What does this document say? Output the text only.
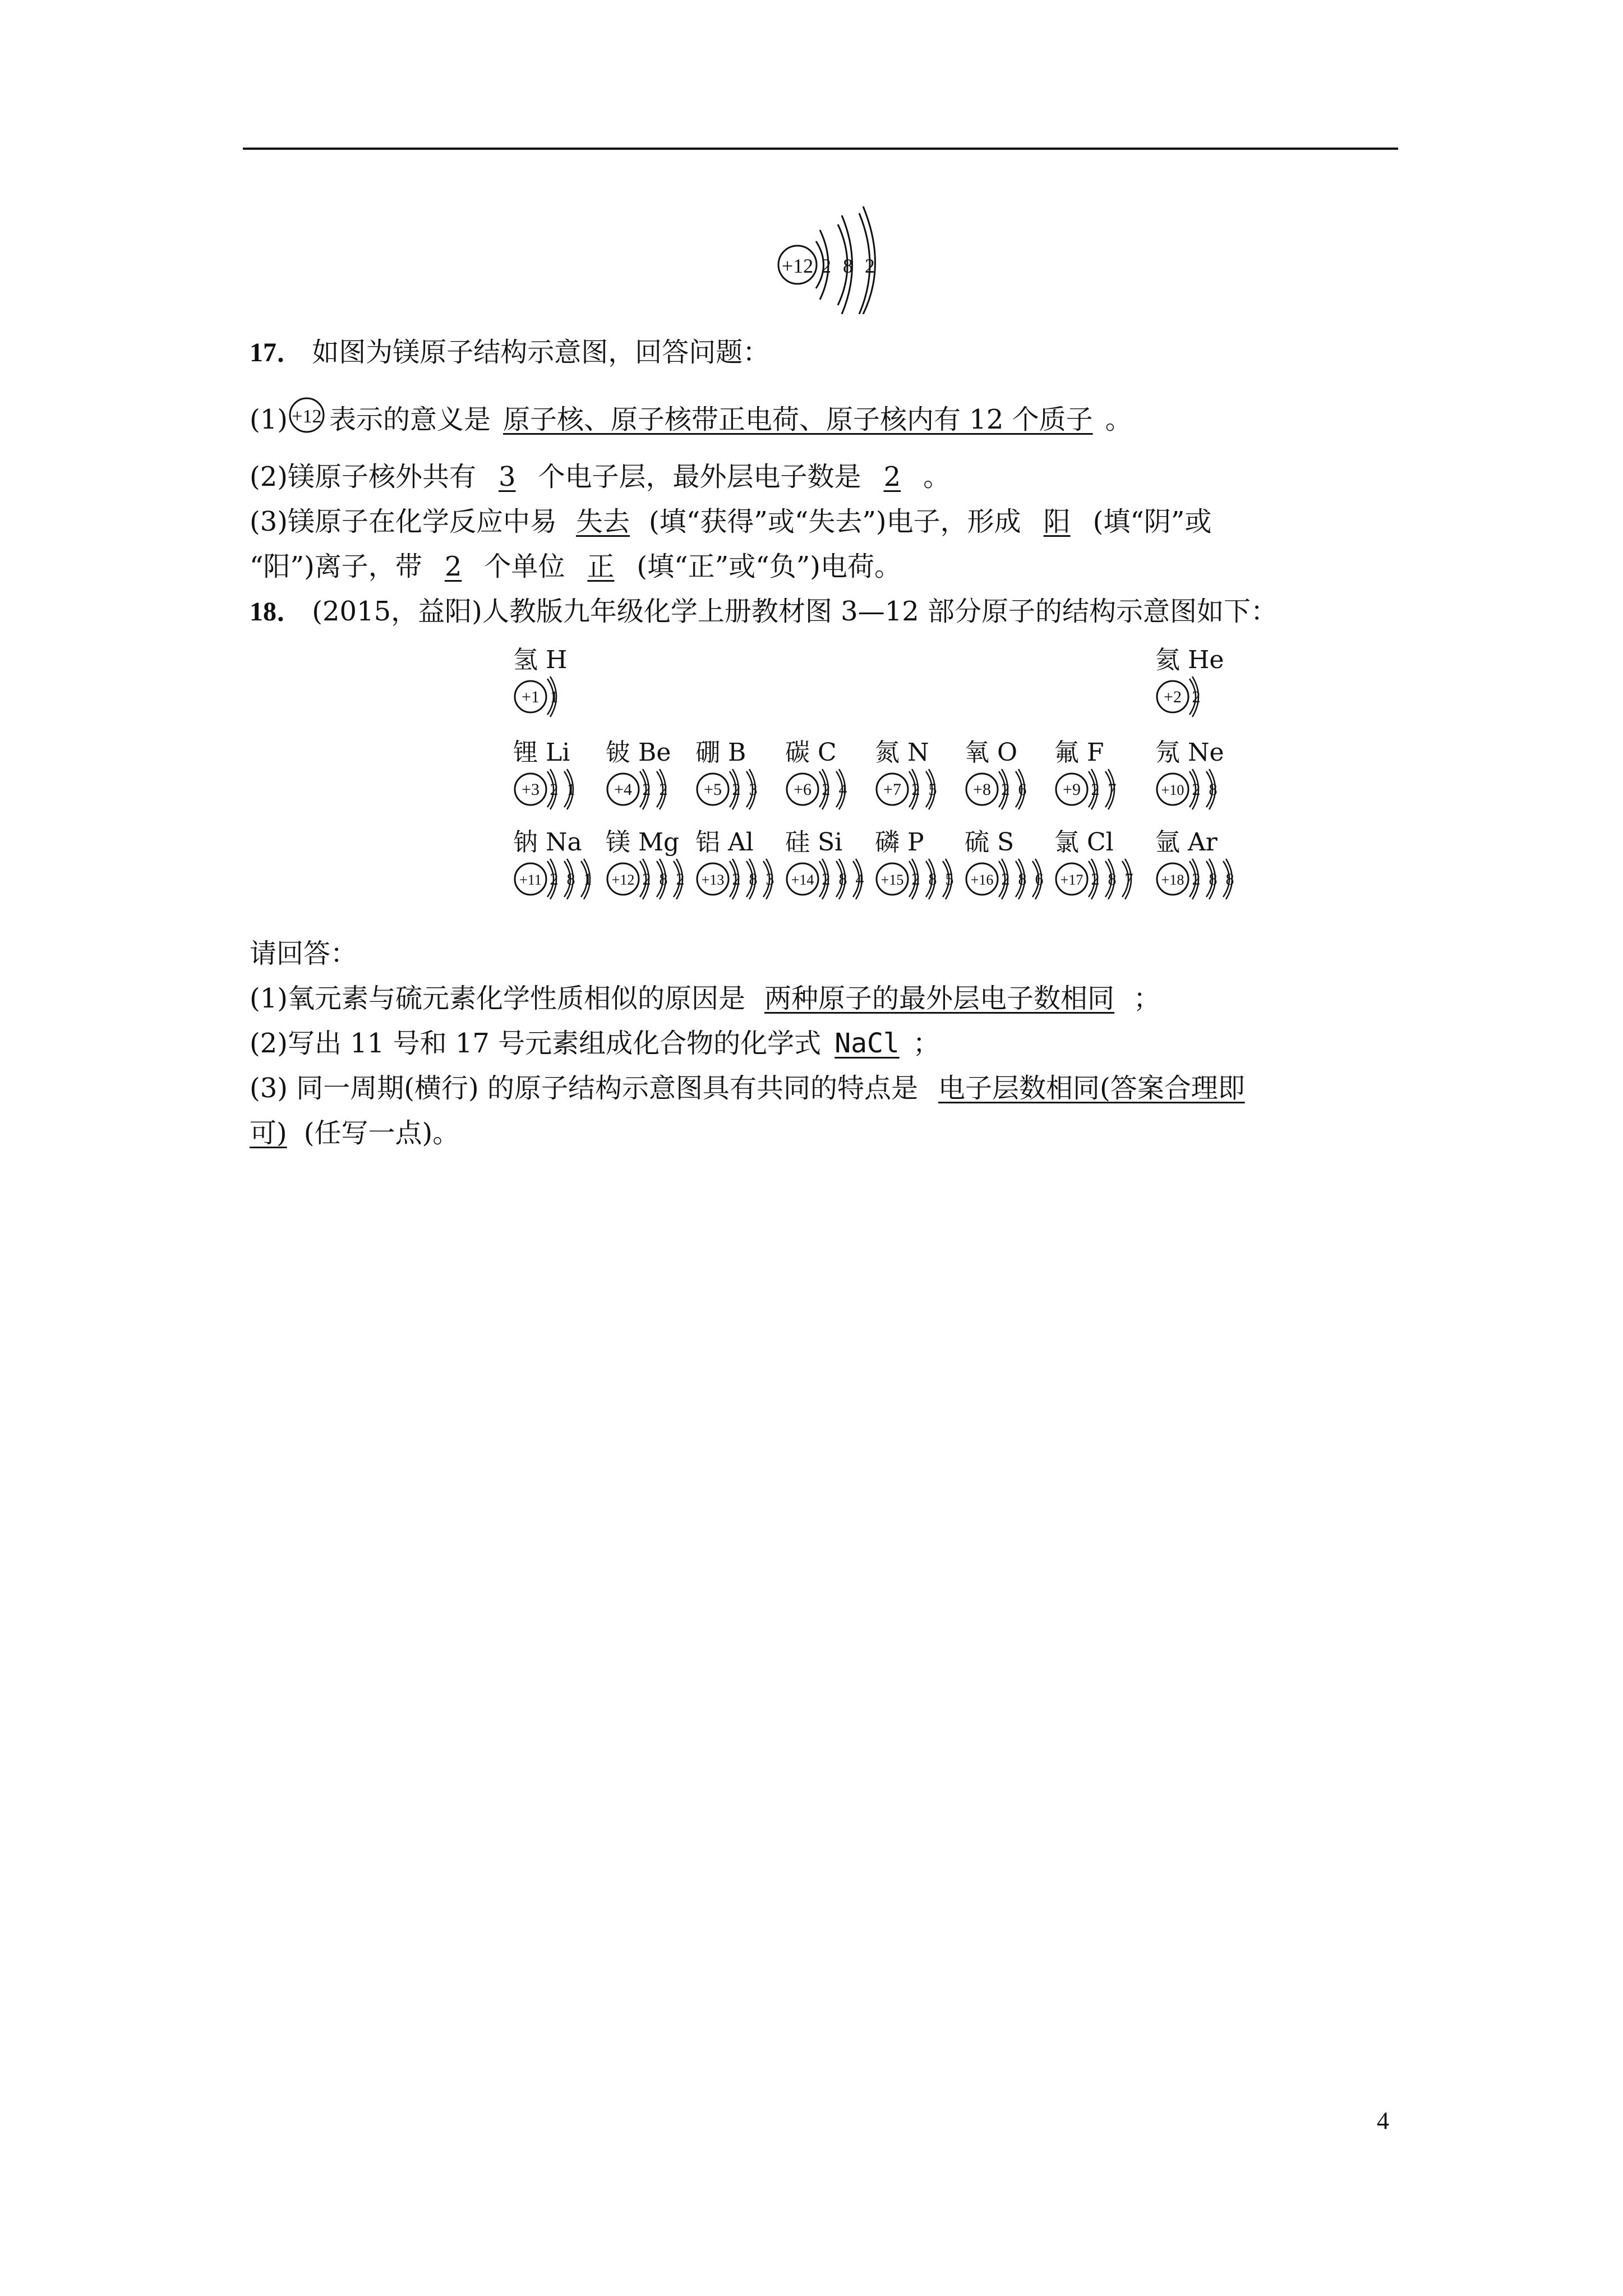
+12 2 8 2
17． 如图为镁原子结构示意图，回答问题：
(1) +12 表示的意义是 原子核、原子核带正电荷、原子核内有 12 个质子 。
(2)镁原子核外共有 3 个电子层，最外层电子数是 2 。
(3)镁原子在化学反应中易 失去 (填“获得”或“失去”)电子，形成 阳 (填“阴”或
“阳”)离子，带 2 个单位 正 (填“正”或“负”)电荷。
18． (2015，益阳)人教版九年级化学上册教材图 3—12 部分原子的结构示意图如下：
氢 H
+1 1
氦 He
+2 2
锂 Li
+3 2 1
铍 Be
+4 2 2
硼 B
+5 2 3
碳 C
+6 2 4
氮 N
+7 2 5
氧 O
+8 2 6
氟 F
+9 2 7
氖 Ne
+10 2 8
钠 Na
+11 2 8 1
镁 Mg
+12 2 8 2
铝 Al
+13 2 8 3
硅 Si
+14 2 8 4
磷 P
+15 2 8 5
硫 S
+16 2 8 6
氯 Cl
+17 2 8 7
氩 Ar
+18 2 8 8
请回答：
(1)氧元素与硫元素化学性质相似的原因是 两种原子的最外层电子数相同 ；
(2)写出 11 号和 17 号元素组成化合物的化学式 NaCl ；
(3) 同一周期(横行) 的原子结构示意图具有共同的特点是 电子层数相同(答案合理即
可) (任写一点)。
4
